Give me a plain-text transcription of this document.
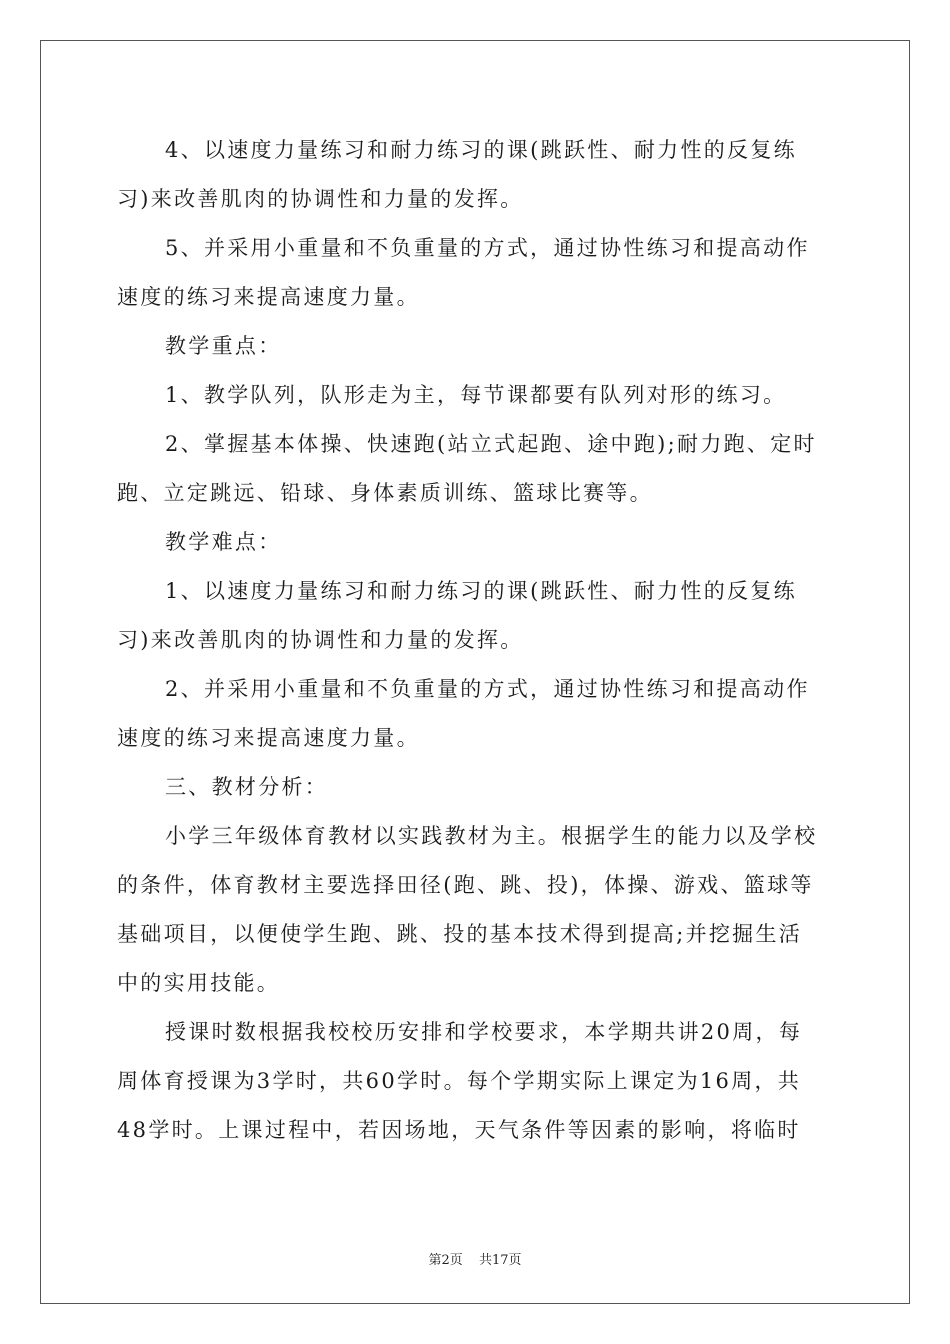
4、以速度力量练习和耐力练习的课(跳跃性、耐力性的反复练
习)来改善肌肉的协调性和力量的发挥。
5、并采用小重量和不负重量的方式，通过协性练习和提高动作
速度的练习来提高速度力量。
教学重点：
1、教学队列，队形走为主，每节课都要有队列对形的练习。
2、掌握基本体操、快速跑(站立式起跑、途中跑);耐力跑、定时
跑、立定跳远、铅球、身体素质训练、篮球比赛等。
教学难点：
1、以速度力量练习和耐力练习的课(跳跃性、耐力性的反复练
习)来改善肌肉的协调性和力量的发挥。
2、并采用小重量和不负重量的方式，通过协性练习和提高动作
速度的练习来提高速度力量。
三、教材分析：
小学三年级体育教材以实践教材为主。根据学生的能力以及学校
的条件，体育教材主要选择田径(跑、跳、投)，体操、游戏、篮球等
基础项目，以便使学生跑、跳、投的基本技术得到提高;并挖掘生活
中的实用技能。
授课时数根据我校校历安排和学校要求，本学期共讲20周，每
周体育授课为3学时，共60学时。每个学期实际上课定为16周，共
48学时。上课过程中，若因场地，天气条件等因素的影响，将临时
第2页 共17页
